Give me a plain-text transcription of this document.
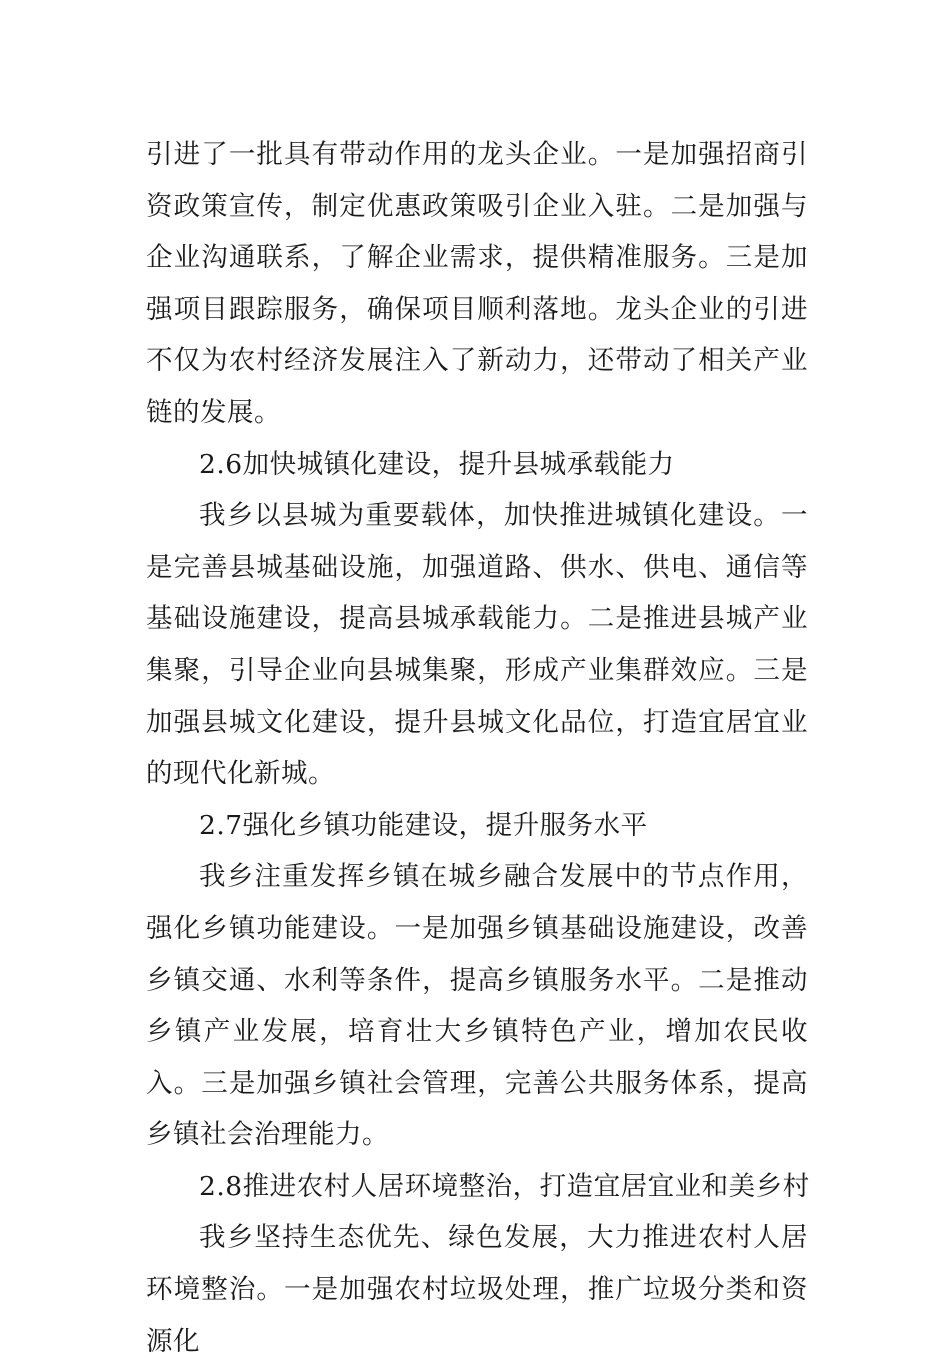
引进了一批具有带动作用的龙头企业。一是加强招商引资政策宣传，制定优惠政策吸引企业入驻。二是加强与企业沟通联系，了解企业需求，提供精准服务。三是加强项目跟踪服务，确保项目顺利落地。龙头企业的引进不仅为农村经济发展注入了新动力，还带动了相关产业链的发展。

2.6加快城镇化建设，提升县城承载能力

我乡以县城为重要载体，加快推进城镇化建设。一是完善县城基础设施，加强道路、供水、供电、通信等基础设施建设，提高县城承载能力。二是推进县城产业集聚，引导企业向县城集聚，形成产业集群效应。三是加强县城文化建设，提升县城文化品位，打造宜居宜业的现代化新城。

2.7强化乡镇功能建设，提升服务水平

我乡注重发挥乡镇在城乡融合发展中的节点作用，强化乡镇功能建设。一是加强乡镇基础设施建设，改善乡镇交通、水利等条件，提高乡镇服务水平。二是推动乡镇产业发展，培育壮大乡镇特色产业，增加农民收入。三是加强乡镇社会管理，完善公共服务体系，提高乡镇社会治理能力。

2.8推进农村人居环境整治，打造宜居宜业和美乡村

我乡坚持生态优先、绿色发展，大力推进农村人居环境整治。一是加强农村垃圾处理，推广垃圾分类和资源化
